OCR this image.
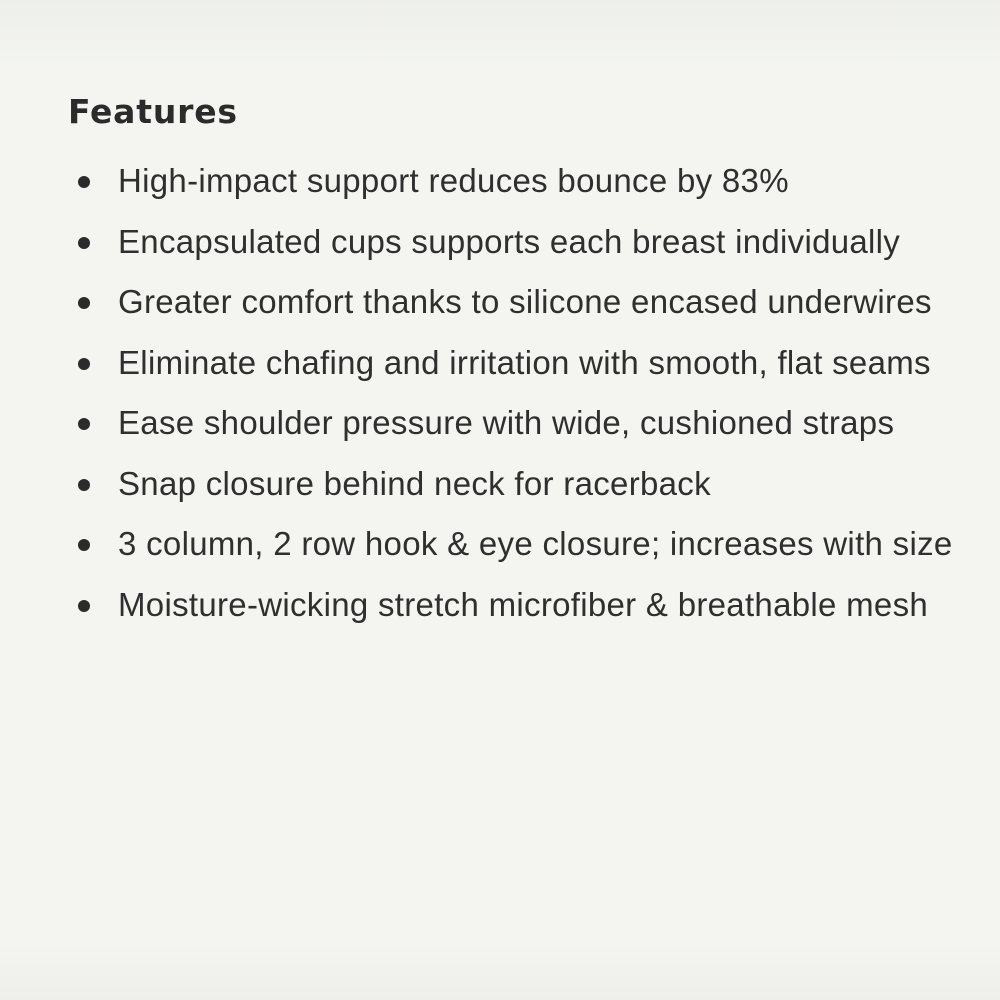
Features
High-impact support reduces bounce by 83%
Encapsulated cups supports each breast individually
Greater comfort thanks to silicone encased underwires
Eliminate chafing and irritation with smooth, flat seams
Ease shoulder pressure with wide, cushioned straps
Snap closure behind neck for racerback
3 column, 2 row hook & eye closure; increases with size
Moisture-wicking stretch microfiber & breathable mesh
